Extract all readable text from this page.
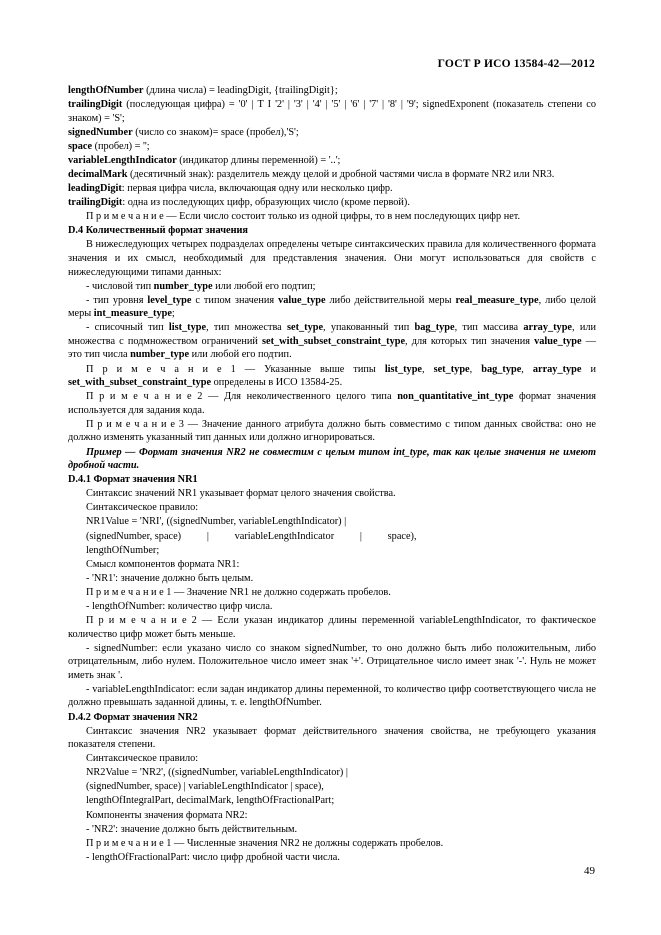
ГОСТ Р ИСО 13584-42—2012

lengthOfNumber (длина числа) = leadingDigit, {trailingDigit};

trailingDigit (последующая цифра) = '0' | Т I '2' | '3' | '4' | '5' | '6' | '7' | '8' | '9'; signedExponent (показатель степени со знаком) = 'S';

signedNumber (число со знаком)= space (пробел),'S';

space (пробел) = '';

variableLengthIndicator (индикатор длины переменной) = '..';

decimalMark (десятичный знак): разделитель между целой и дробной частями числа в формате NR2 или NR3.

leadingDigit: первая цифра числа, включающая одну или несколько цифр.

trailingDigit: одна из последующих цифр, образующих число (кроме первой).

П р и м е ч а н и е — Если число состоит только из одной цифры, то в нем последующих цифр нет.

D.4 Количественный формат значения

В нижеследующих четырех подразделах определены четыре синтаксических правила для количественного формата значения и их смысл, необходимый для представления значения. Они могут использоваться для свойств с нижеследующими типами данных:

- числовой тип number_type или любой его подтип;

- тип уровня level_type с типом значения value_type либо действительной меры real_measure_type, либо целой меры int_measure_type;

- списочный тип list_type, тип множества set_type, упакованный тип bag_type, тип массива array_type, или множества с подмножеством ограничений set_with_subset_constraint_type, для которых тип значения value_type — это тип числа number_type или любой его подтип.

П р и м е ч а н и е 1 — Указанные выше типы list_type, set_type, bag_type, array_type и set_with_subset_constraint_type определены в ИСО 13584-25.

П р и м е ч а н и е 2 — Для неколичественного целого типа non_quantitative_int_type формат значения используется для задания кода.

П р и м е ч а н и е 3 — Значение данного атрибута должно быть совместимо с типом данных свойства: оно не должно изменять указанный тип данных или должно игнорироваться.

Пример — Формат значения NR2 не совместим с целым типом int_type, так как целые значения не имеют дробной части.

D.4.1 Формат значения NR1

Синтаксис значений NR1 указывает формат целого значения свойства.

Синтаксическое правило:

NR1Value = 'NRI', ((signedNumber, variableLengthIndicator) |

(signedNumber, space)          |          variableLengthIndicator          |          space),

lengthOfNumber;

Смысл компонентов формата NR1:

- 'NR1': значение должно быть целым.

П р и м е ч а н и е 1 — Значение NR1 не должно содержать пробелов.

- lengthOfNumber: количество цифр числа.

П р и м е ч а н и е 2 — Если указан индикатор длины переменной variableLengthIndicator, то фактическое количество цифр может быть меньше.

- signedNumber: если указано число со знаком signedNumber, то оно должно быть либо положительным, либо отрицательным, либо нулем. Положительное число имеет знак '+'. Отрицательное число имеет знак '-'. Нуль не может иметь знак '.

- variableLengthIndicator: если задан индикатор длины переменной, то количество цифр соответствующего числа не должно превышать заданной длины, т. е. lengthOfNumber.

D.4.2 Формат значения NR2

Синтаксис значения NR2 указывает формат действительного значения свойства, не требующего указания показателя степени.

Синтаксическое правило:

NR2Value = 'NR2', ((signedNumber, variableLengthIndicator) |

(signedNumber, space) | variableLengthIndicator | space),

lengthOfIntegralPart, decimalMark, lengthOfFractionalPart;

Компоненты значения формата NR2:

- 'NR2': значение должно быть действительным.

П р и м е ч а н и е 1 — Численные значения NR2 не должны содержать пробелов.

- lengthOfFractionalPart: число цифр дробной части числа.

49
